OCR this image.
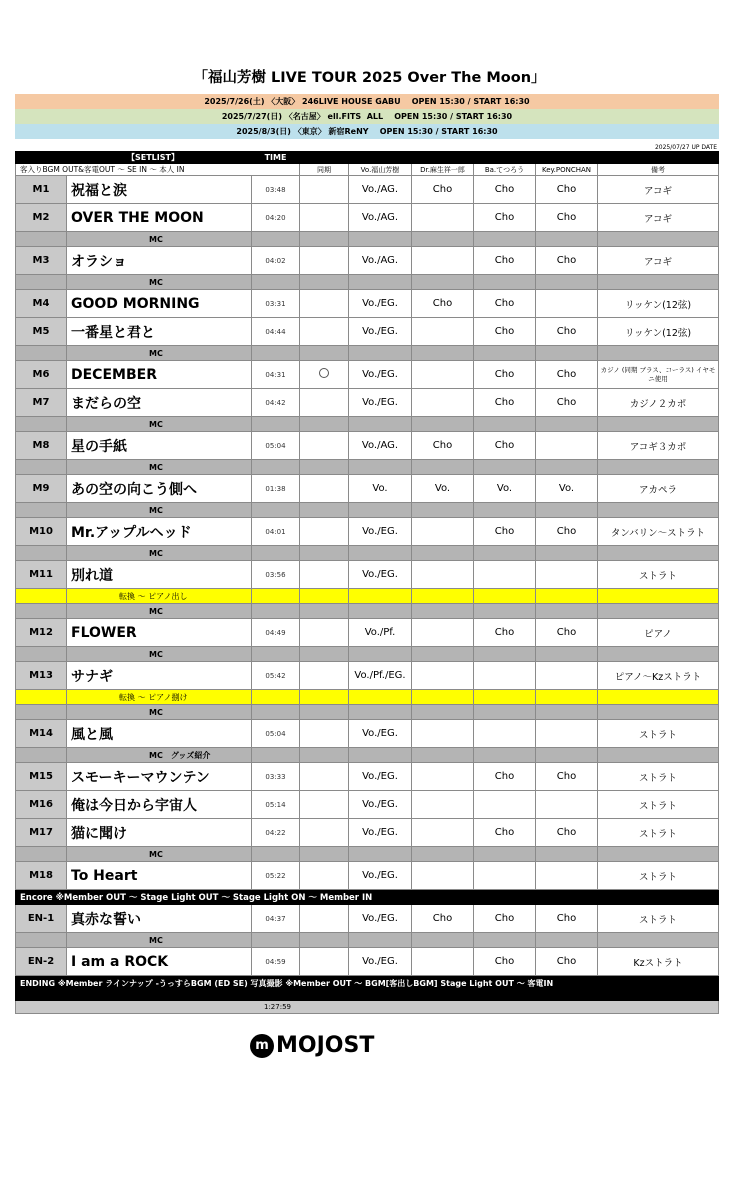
「福山芳樹 LIVE TOUR 2025 Over The Moon」
2025/7/26(土) 〈大阪〉 246LIVE HOUSE GABU    OPEN 15:30 / START 16:30
2025/7/27(日) 〈名古屋〉 ell.FITS  ALL    OPEN 15:30 / START 16:30
2025/8/3(日) 〈東京〉 新宿ReNY    OPEN 15:30 / START 16:30
2025/07/27 UP DATE
	【SETLIST】	TIME						
客入りBGM OUT&客電OUT 〜 SE IN 〜 本人 IN			同期	Vo.福山芳樹	Dr.麻生祥一郎	Ba.てつろう	Key.PONCHAN	備考
M1	祝福と涙	03:48		Vo./AG.	Cho	Cho	Cho	アコギ
M2	OVER THE MOON	04:20		Vo./AG.		Cho	Cho	アコギ
	MC							
M3	オラショ	04:02		Vo./AG.		Cho	Cho	アコギ
	MC							
M4	GOOD MORNING	03:31		Vo./EG.	Cho	Cho		リッケン(12弦)
M5	一番星と君と	04:44		Vo./EG.		Cho	Cho	リッケン(12弦)
	MC							
M6	DECEMBER	04:31		Vo./EG.		Cho	Cho	カジノ (同期 ブラス、コーラス) イヤモニ使用
M7	まだらの空	04:42		Vo./EG.		Cho	Cho	カジノ２カポ
	MC							
M8	星の手紙	05:04		Vo./AG.	Cho	Cho		アコギ３カポ
	MC							
M9	あの空の向こう側へ	01:38		Vo.	Vo.	Vo.	Vo.	アカペラ
	MC							
M10	Mr.アップルヘッド	04:01		Vo./EG.		Cho	Cho	タンバリン〜ストラト
	MC							
M11	別れ道	03:56		Vo./EG.				ストラト
	転換 〜 ピアノ出し							
	MC							
M12	FLOWER	04:49		Vo./Pf.		Cho	Cho	ピアノ
	MC							
M13	サナギ	05:42		Vo./Pf./EG.				ピアノ〜Kzストラト
	転換 〜 ピアノ捌け							
	MC							
M14	風と風	05:04		Vo./EG.				ストラト
	MC　グッズ紹介							
M15	スモーキーマウンテン	03:33		Vo./EG.		Cho	Cho	ストラト
M16	俺は今日から宇宙人	05:14		Vo./EG.				ストラト
M17	猫に聞け	04:22		Vo./EG.		Cho	Cho	ストラト
	MC							
M18	To Heart	05:22		Vo./EG.				ストラト
Encore ※Member OUT 〜 Stage Light OUT 〜 Stage Light ON 〜 Member IN								
EN-1	真赤な誓い	04:37		Vo./EG.	Cho	Cho	Cho	ストラト
	MC							
EN-2	I am a ROCK	04:59		Vo./EG.		Cho	Cho	Kzストラト
ENDING ※Member ラインナップ -うっすらBGM (ED SE) 写真撮影 ※Member OUT 〜 BGM[客出しBGM] Stage Light OUT 〜 客電IN								
1:27:59								
m MOJOST
